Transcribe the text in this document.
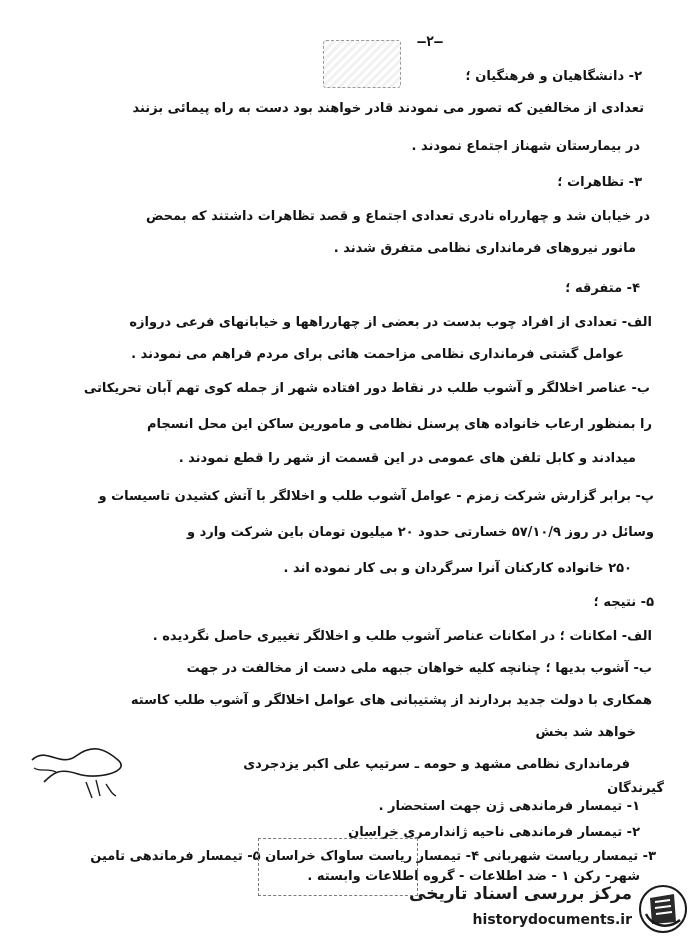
—۲—
۲- دانشگاهیان و فرهنگیان ؛
تعدادی از مخالفین که تصور می نمودند قادر خواهند بود دست به راه پیمائی بزنند
در بیمارستان شهناز اجتماع نمودند .
۳- تظاهرات ؛
در خیابان شد و چهارراه نادری تعدادی اجتماع و قصد تظاهرات داشتند که بمحض
مانور نیروهای فرمانداری نظامی متفرق شدند .
۴- متفرقه ؛
الف- تعدادی از افراد چوب بدست در بعضی از چهارراهها و خیابانهای فرعی دروازه
عوامل گشتی فرمانداری نظامی مزاحمت هائی برای مردم فراهم می نمودند .
ب- عناصر اخلالگر و آشوب طلب در نقاط دور افتاده شهر از جمله کوی تهم آبان تحریکاتی
را بمنظور ارعاب خانواده های پرسنل نظامی و مامورین ساکن این محل انسجام
میدادند و کابل تلفن های عمومی در این قسمت از شهر را قطع نمودند .
پ- برابر گزارش شرکت زمزم - عوامل آشوب طلب و اخلالگر با آتش کشیدن تاسیسات و
وسائل در روز ۵۷/۱۰/۹ خسارتی حدود ۲۰ میلیون تومان باین شرکت وارد و
۲۵۰ خانواده کارکنان آنرا سرگردان و بی کار نموده اند .
۵- نتیجه ؛
الف- امکانات ؛ در امکانات عناصر آشوب طلب و اخلالگر تغییری حاصل نگردیده .
ب- آشوب بدیها ؛ چنانچه کلیه خواهان جبهه ملی دست از مخالفت در جهت
همکاری با دولت جدید بردارند از پشتیبانی های عوامل اخلالگر و آشوب طلب کاسته
خواهد شد بخش
فرمانداری نظامی مشهد و حومه ـ سرتیپ علی اکبر یزدجردی
گیرندگان
۱- تیمسار فرماندهی ژن جهت استحضار .
۲- تیمسار فرماندهی ناحیه ژاندارمری خراسان
۳- تیمسار ریاست شهربانی ۴- تیمسار ریاست ساواک خراسان ۵- تیمسار فرماندهی تامین
شهر- رکن ۱ - ضد اطلاعات - گروه اطلاعات وابسته .
مرکز بررسی اسناد تاریخی
historydocuments.ir
